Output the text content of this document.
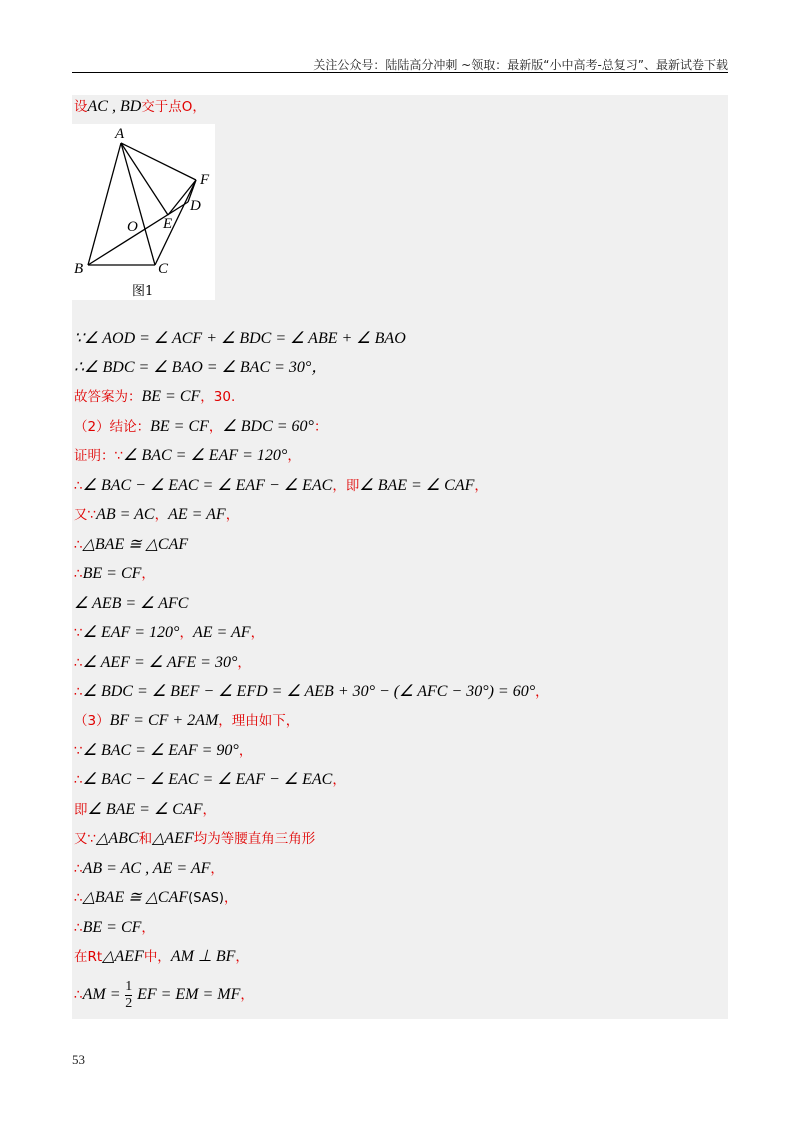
关注公众号：陆陆高分冲刺 ~领取：最新版“小中高考-总复习”、最新试卷下载
设AC , BD交于点O，
A
B	C
D
E
F
O
图1
∵∠ AOD = ∠ ACF + ∠ BDC = ∠ ABE + ∠ BAO
∴∠ BDC = ∠ BAO = ∠ BAC = 30°，
故答案为：BE = CF，30.
（2）结论：BE = CF，∠ BDC = 60°：
证明：∵∠ BAC = ∠ EAF = 120°，
∴∠ BAC − ∠ EAC = ∠ EAF − ∠ EAC，即∠ BAE = ∠ CAF，
又∵AB = AC，AE = AF，
∴△BAE ≅ △CAF
∴BE = CF，
∠ AEB = ∠ AFC
∵∠ EAF = 120°，AE = AF，
∴∠ AEF = ∠ AFE = 30°，
∴∠ BDC = ∠ BEF − ∠ EFD = ∠ AEB + 30° − (∠ AFC − 30°) = 60°，
（3）BF = CF + 2AM，理由如下，
∵∠ BAC = ∠ EAF = 90°，
∴∠ BAC − ∠ EAC = ∠ EAF − ∠ EAC，
即∠ BAE = ∠ CAF，
又∵△ABC和△AEF均为等腰直角三角形
∴AB = AC , AE = AF，
∴△BAE ≅ △CAF(SAS)，
∴BE = CF，
在Rt△AEF中，AM ⊥ BF，
∴AM = $\frac{1}{2}$ EF = EM = MF，
53
